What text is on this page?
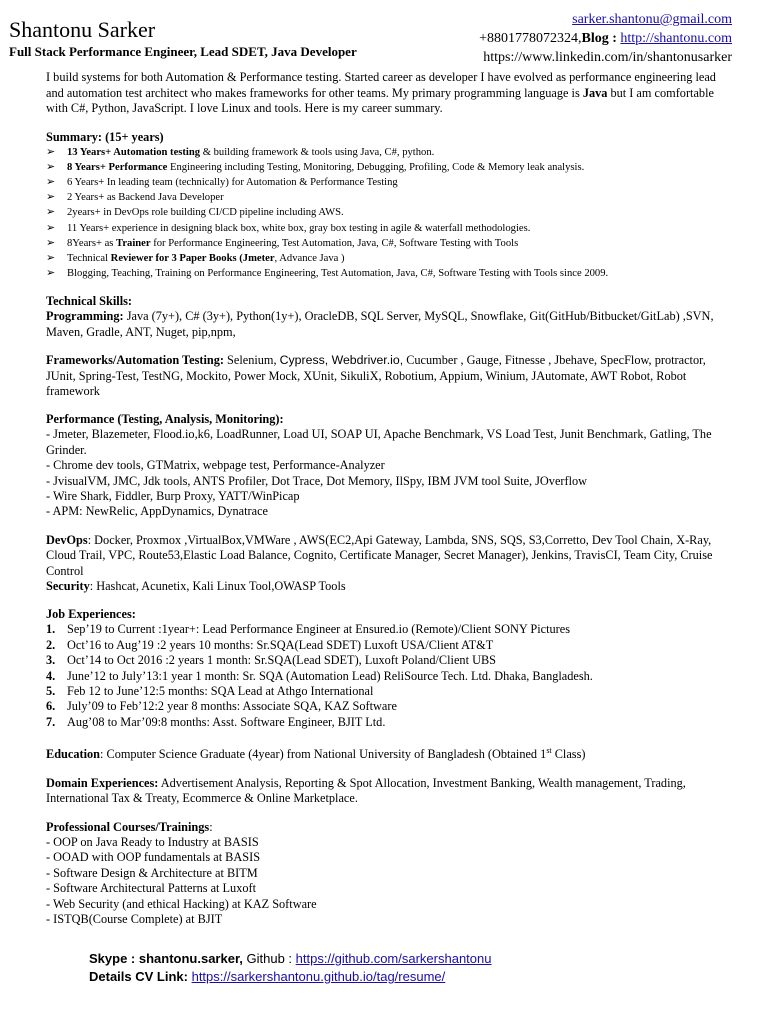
Shantonu Sarker
Full Stack Performance Engineer, Lead SDET, Java Developer
sarker.shantonu@gmail.com
+8801778072324,Blog : http://shantonu.com
https://www.linkedin.com/in/shantonusarker

I build systems for both Automation & Performance testing. Started career as developer I have evolved as performance engineering lead and automation test architect who makes frameworks for other teams. My primary programming language is Java but I am comfortable with C#, Python, JavaScript. I love Linux and tools. Here is my career summary.

Summary: (15+ years)

➢ 13 Years+ Automation testing & building framework & tools using Java, C#, python.
➢ 8 Years+ Performance Engineering including Testing, Monitoring, Debugging, Profiling, Code & Memory leak analysis.
➢ 6 Years+ In leading team (technically) for Automation & Performance Testing
➢ 2 Years+ as Backend Java Developer
➢ 2years+ in DevOps role building CI/CD pipeline including AWS.
➢ 11 Years+ experience in designing black box, white box, gray box testing in agile & waterfall methodologies.
➢ 8Years+ as Trainer for Performance Engineering, Test Automation, Java, C#, Software Testing with Tools
➢ Technical Reviewer for 3 Paper Books (Jmeter, Advance Java )
➢ Blogging, Teaching, Training on Performance Engineering, Test Automation, Java, C#, Software Testing with Tools since 2009.

Technical Skills:

Programming: Java (7y+), C# (3y+), Python(1y+), OracleDB, SQL Server, MySQL, Snowflake, Git(GitHub/Bitbucket/GitLab) ,SVN, Maven, Gradle, ANT, Nuget, pip,npm,

Frameworks/Automation Testing: Selenium, Cypress, Webdriver.io, Cucumber , Gauge, Fitnesse , Jbehave, SpecFlow, protractor, JUnit, Spring-Test, TestNG, Mockito, Power Mock, XUnit, SikuliX, Robotium, Appium, Winium, JAutomate, AWT Robot, Robot framework

Performance (Testing, Analysis, Monitoring):

- Jmeter, Blazemeter, Flood.io,k6, LoadRunner, Load UI, SOAP UI, Apache Benchmark, VS Load Test, Junit Benchmark, Gatling, The Grinder.
- Chrome dev tools, GTMatrix, webpage test, Performance-Analyzer
- JvisualVM, JMC, Jdk tools, ANTS Profiler, Dot Trace, Dot Memory, IlSpy, IBM JVM tool Suite, JOverflow
- Wire Shark, Fiddler, Burp Proxy, YATT/WinPicap
- APM: NewRelic, AppDynamics, Dynatrace

DevOps: Docker, Proxmox ,VirtualBox,VMWare , AWS(EC2,Api Gateway, Lambda, SNS, SQS, S3,Corretto, Dev Tool Chain, X-Ray, Cloud Trail, VPC, Route53,Elastic Load Balance, Cognito, Certificate Manager, Secret Manager), Jenkins, TravisCI, Team City, Cruise Control

Security: Hashcat, Acunetix, Kali Linux Tool,OWASP Tools

Job Experiences:

1. Sep’19 to Current :1year+: Lead Performance Engineer at Ensured.io (Remote)/Client SONY Pictures
2. Oct’16 to Aug’19 :2 years 10 months: Sr.SQA(Lead SDET) Luxoft USA/Client AT&T
3. Oct’14 to Oct 2016 :2 years 1 month: Sr.SQA(Lead SDET), Luxoft Poland/Client UBS
4. June’12 to July’13:1 year 1 month: Sr. SQA (Automation Lead) ReliSource Tech. Ltd. Dhaka, Bangladesh.
5. Feb 12 to June’12:5 months: SQA Lead at Athgo International
6. July’09 to Feb’12:2 year 8 months: Associate SQA, KAZ Software
7. Aug’08 to Mar’09:8 months: Asst. Software Engineer, BJIT Ltd.

Education: Computer Science Graduate (4year) from National University of Bangladesh (Obtained 1st Class)

Domain Experiences: Advertisement Analysis, Reporting & Spot Allocation, Investment Banking, Wealth management, Trading, International Tax & Treaty, Ecommerce & Online Marketplace.

Professional Courses/Trainings:

- OOP on Java Ready to Industry at BASIS
- OOAD with OOP fundamentals at BASIS
- Software Design & Architecture at BITM
- Software Architectural Patterns at Luxoft
- Web Security (and ethical Hacking) at KAZ Software
- ISTQB(Course Complete) at BJIT
Skype : shantonu.sarker, Github : https://github.com/sarkershantonu
Details CV Link: https://sarkershantonu.github.io/tag/resume/
